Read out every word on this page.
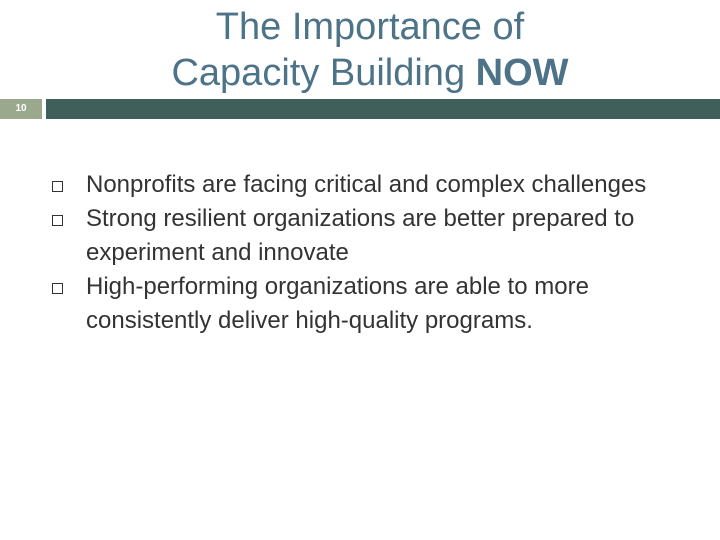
The Importance of
Capacity Building NOW
10
Nonprofits are facing critical and complex challenges
Strong resilient organizations are better prepared to experiment and innovate
High-performing organizations are able to more consistently deliver high-quality programs.
